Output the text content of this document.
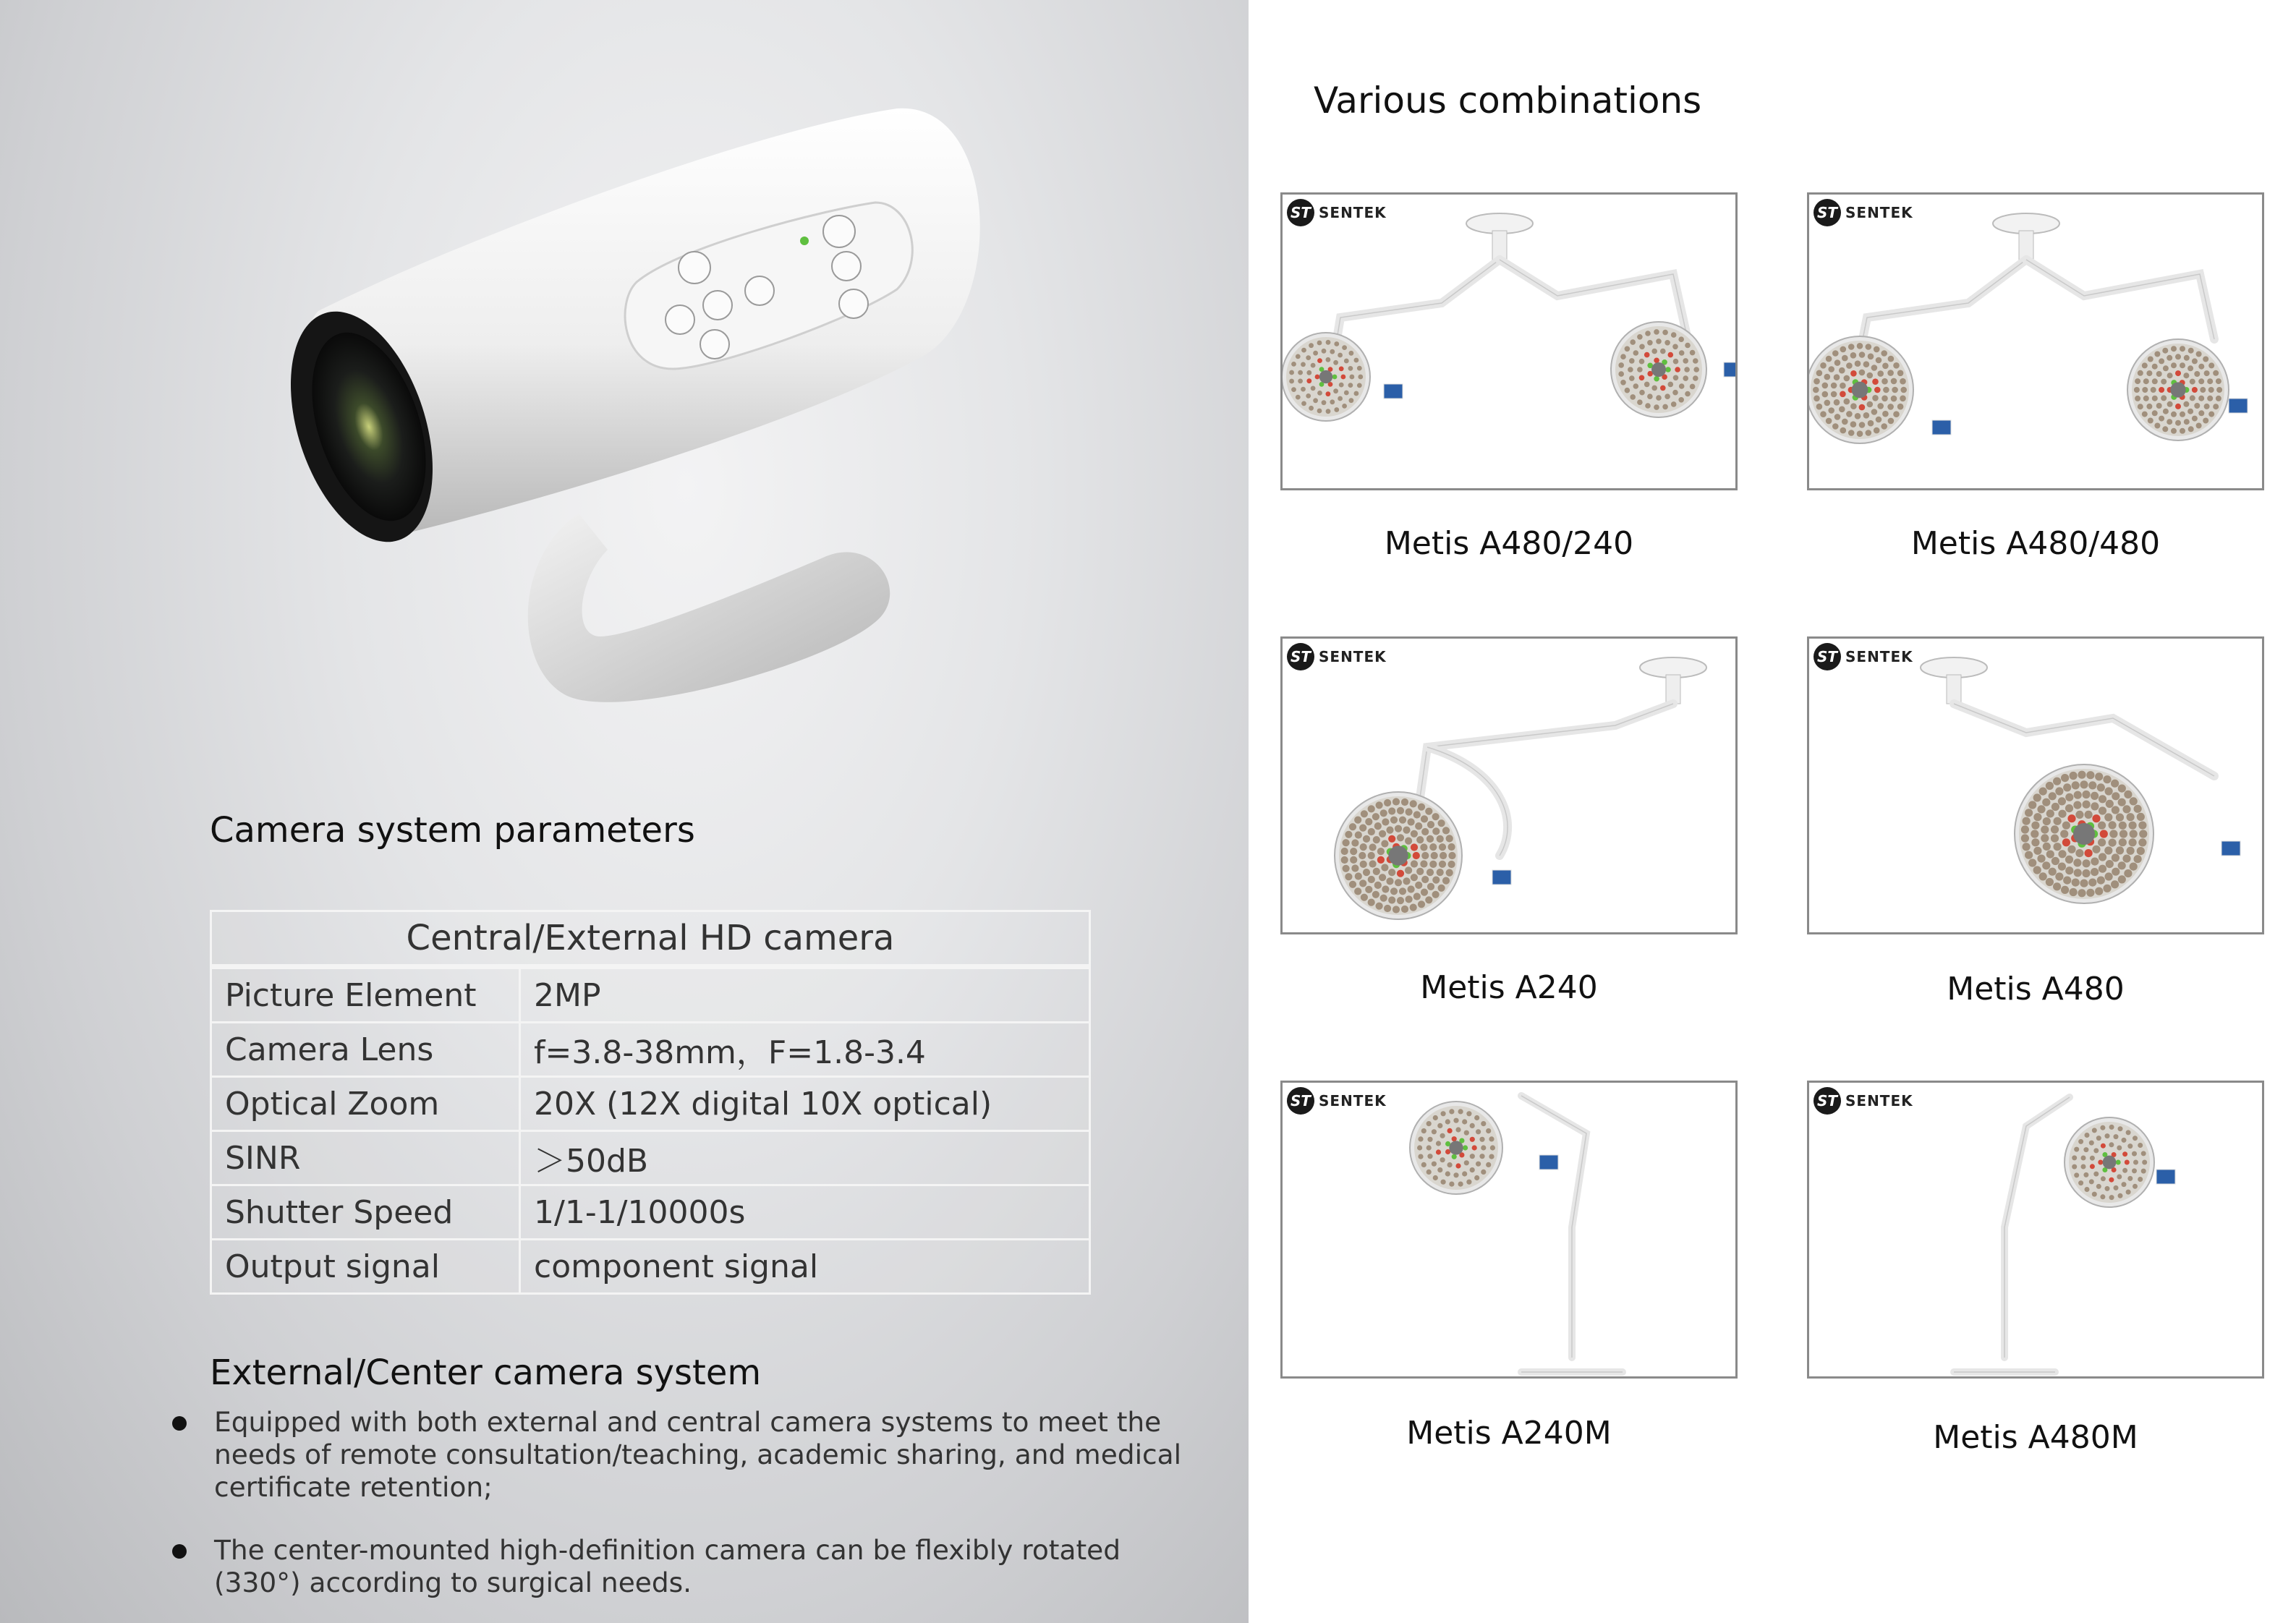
Camera system parameters
Central/External HD camera	
Picture Element	2MP
Camera Lens	f=3.8-38mm，F=1.8-3.4
Optical Zoom	20X (12X digital 10X optical)
SINR	＞50dB
Shutter Speed	1/1-1/10000s
Output signal	component signal
External/Center camera system
Equipped with both external and central camera systems to meet the needs of remote consultation/teaching, academic sharing, and medical certificate retention;
The center-mounted high-definition camera can be flexibly rotated (330°) according to surgical needs.
Various combinations
ST SENTEK
Metis A480/240
ST SENTEK
Metis A480/480
ST SENTEK
Metis A240
ST SENTEK
Metis A480
ST SENTEK
Metis A240M
ST SENTEK
Metis A480M
